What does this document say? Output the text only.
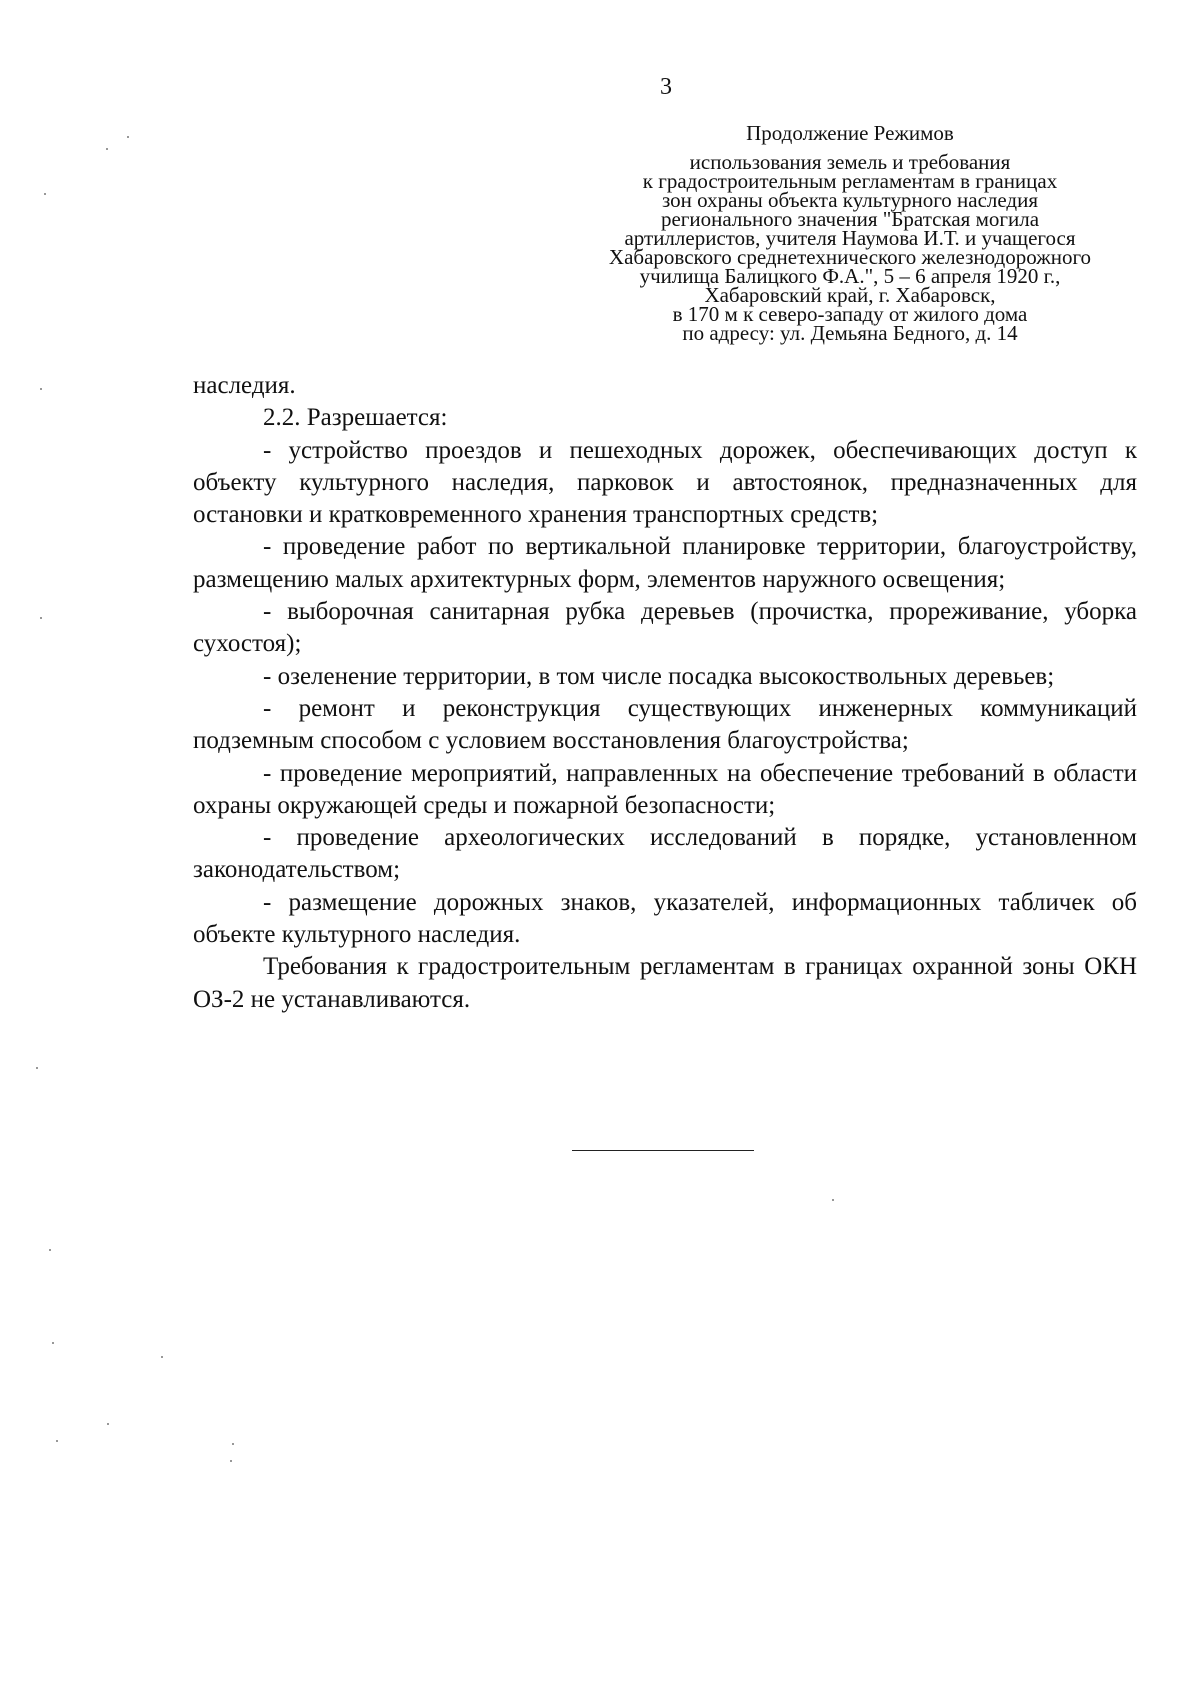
3
Продолжение Режимов
использования земель и требования
к градостроительным регламентам в границах
зон охраны объекта культурного наследия
регионального значения "Братская могила
артиллеристов, учителя Наумова И.Т. и учащегося
Хабаровского среднетехнического железнодорожного
училища Балицкого Ф.А.", 5 – 6 апреля 1920 г.,
Хабаровский край, г. Хабаровск,
в 170 м к северо-западу от жилого дома
по адресу: ул. Демьяна Бедного, д. 14

наследия.

2.2. Разрешается:

- устройство проездов и пешеходных дорожек, обеспечивающих доступ к объекту культурного наследия, парковок и автостоянок, предназначенных для остановки и кратковременного хранения транспортных средств;

- проведение работ по вертикальной планировке территории, благоустройству, размещению малых архитектурных форм, элементов наружного освещения;

- выборочная санитарная рубка деревьев (прочистка, прореживание, уборка сухостоя);

- озеленение территории, в том числе посадка высокоствольных деревьев;

- ремонт и реконструкция существующих инженерных коммуникаций подземным способом с условием восстановления благоустройства;

- проведение мероприятий, направленных на обеспечение требований в области охраны окружающей среды и пожарной безопасности;

- проведение археологических исследований в порядке, установленном законодательством;

- размещение дорожных знаков, указателей, информационных табличек об объекте культурного наследия.

Требования к градостроительным регламентам в границах охранной зоны ОКН ОЗ-2 не устанавливаются.
